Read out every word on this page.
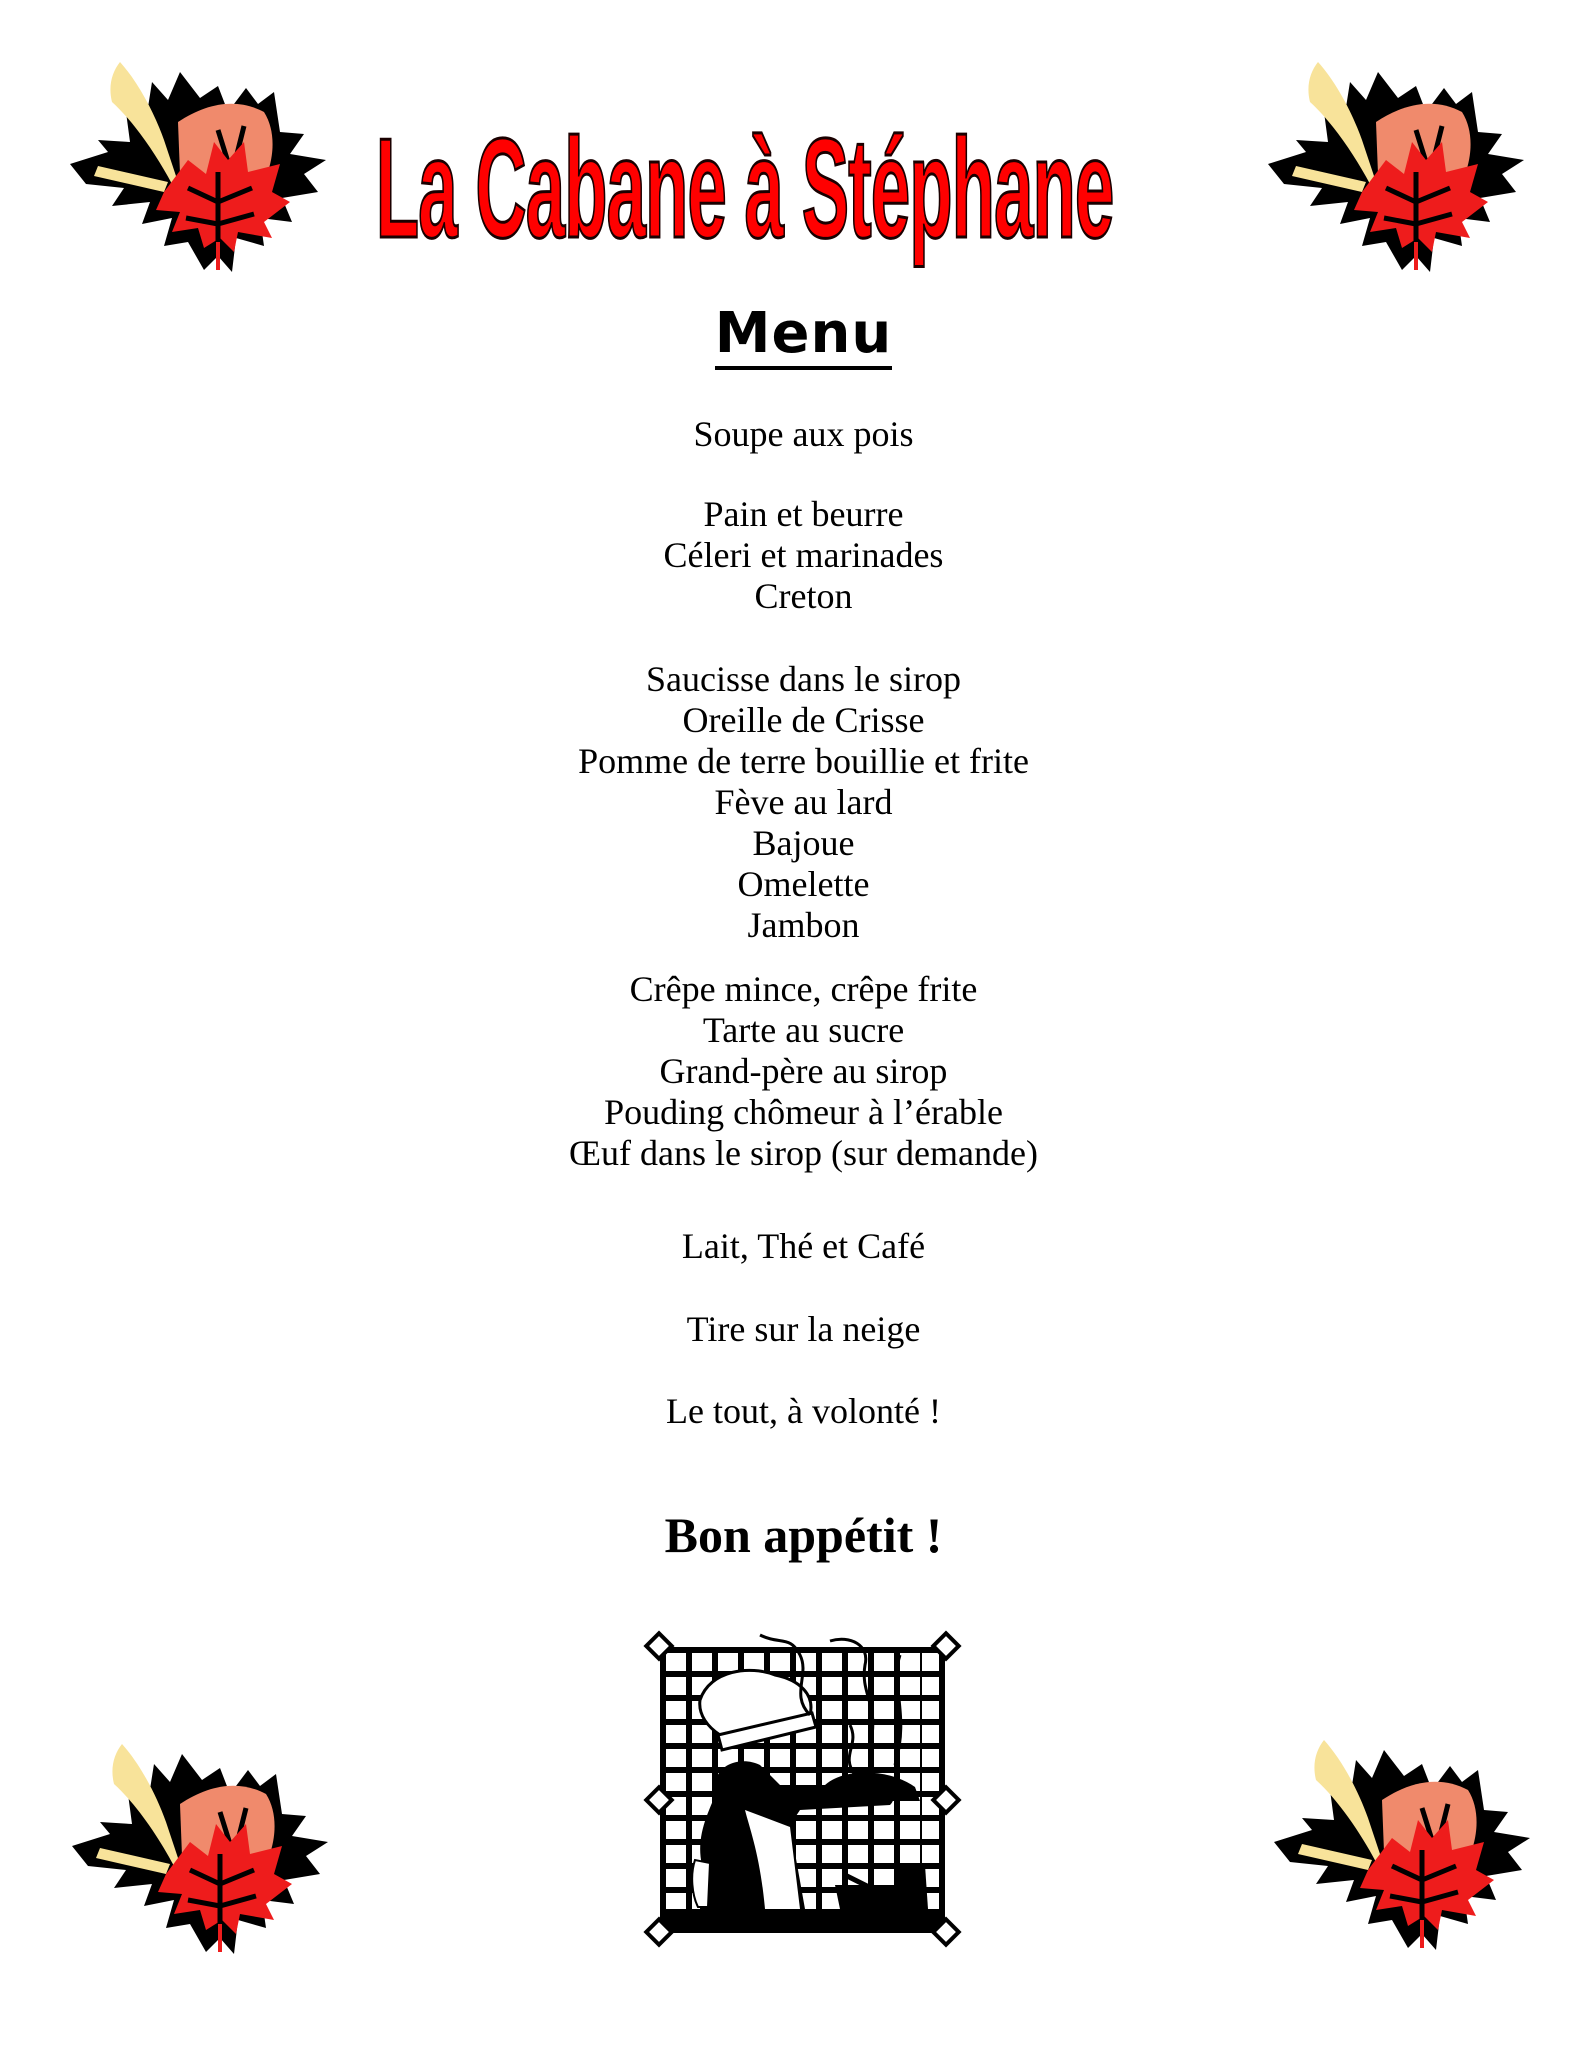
La Cabane à Stéphane
Menu
Soupe aux pois
Pain et beurre
Céleri et marinades
Creton
Saucisse dans le sirop
Oreille de Crisse
Pomme de terre bouillie et frite
Fève au lard
Bajoue
Omelette
Jambon
Crêpe mince, crêpe frite
Tarte au sucre
Grand-père au sirop
Pouding chômeur à l’érable
Œuf dans le sirop (sur demande)
Lait, Thé et Café
Tire sur la neige
Le tout, à volonté !
Bon appétit !
